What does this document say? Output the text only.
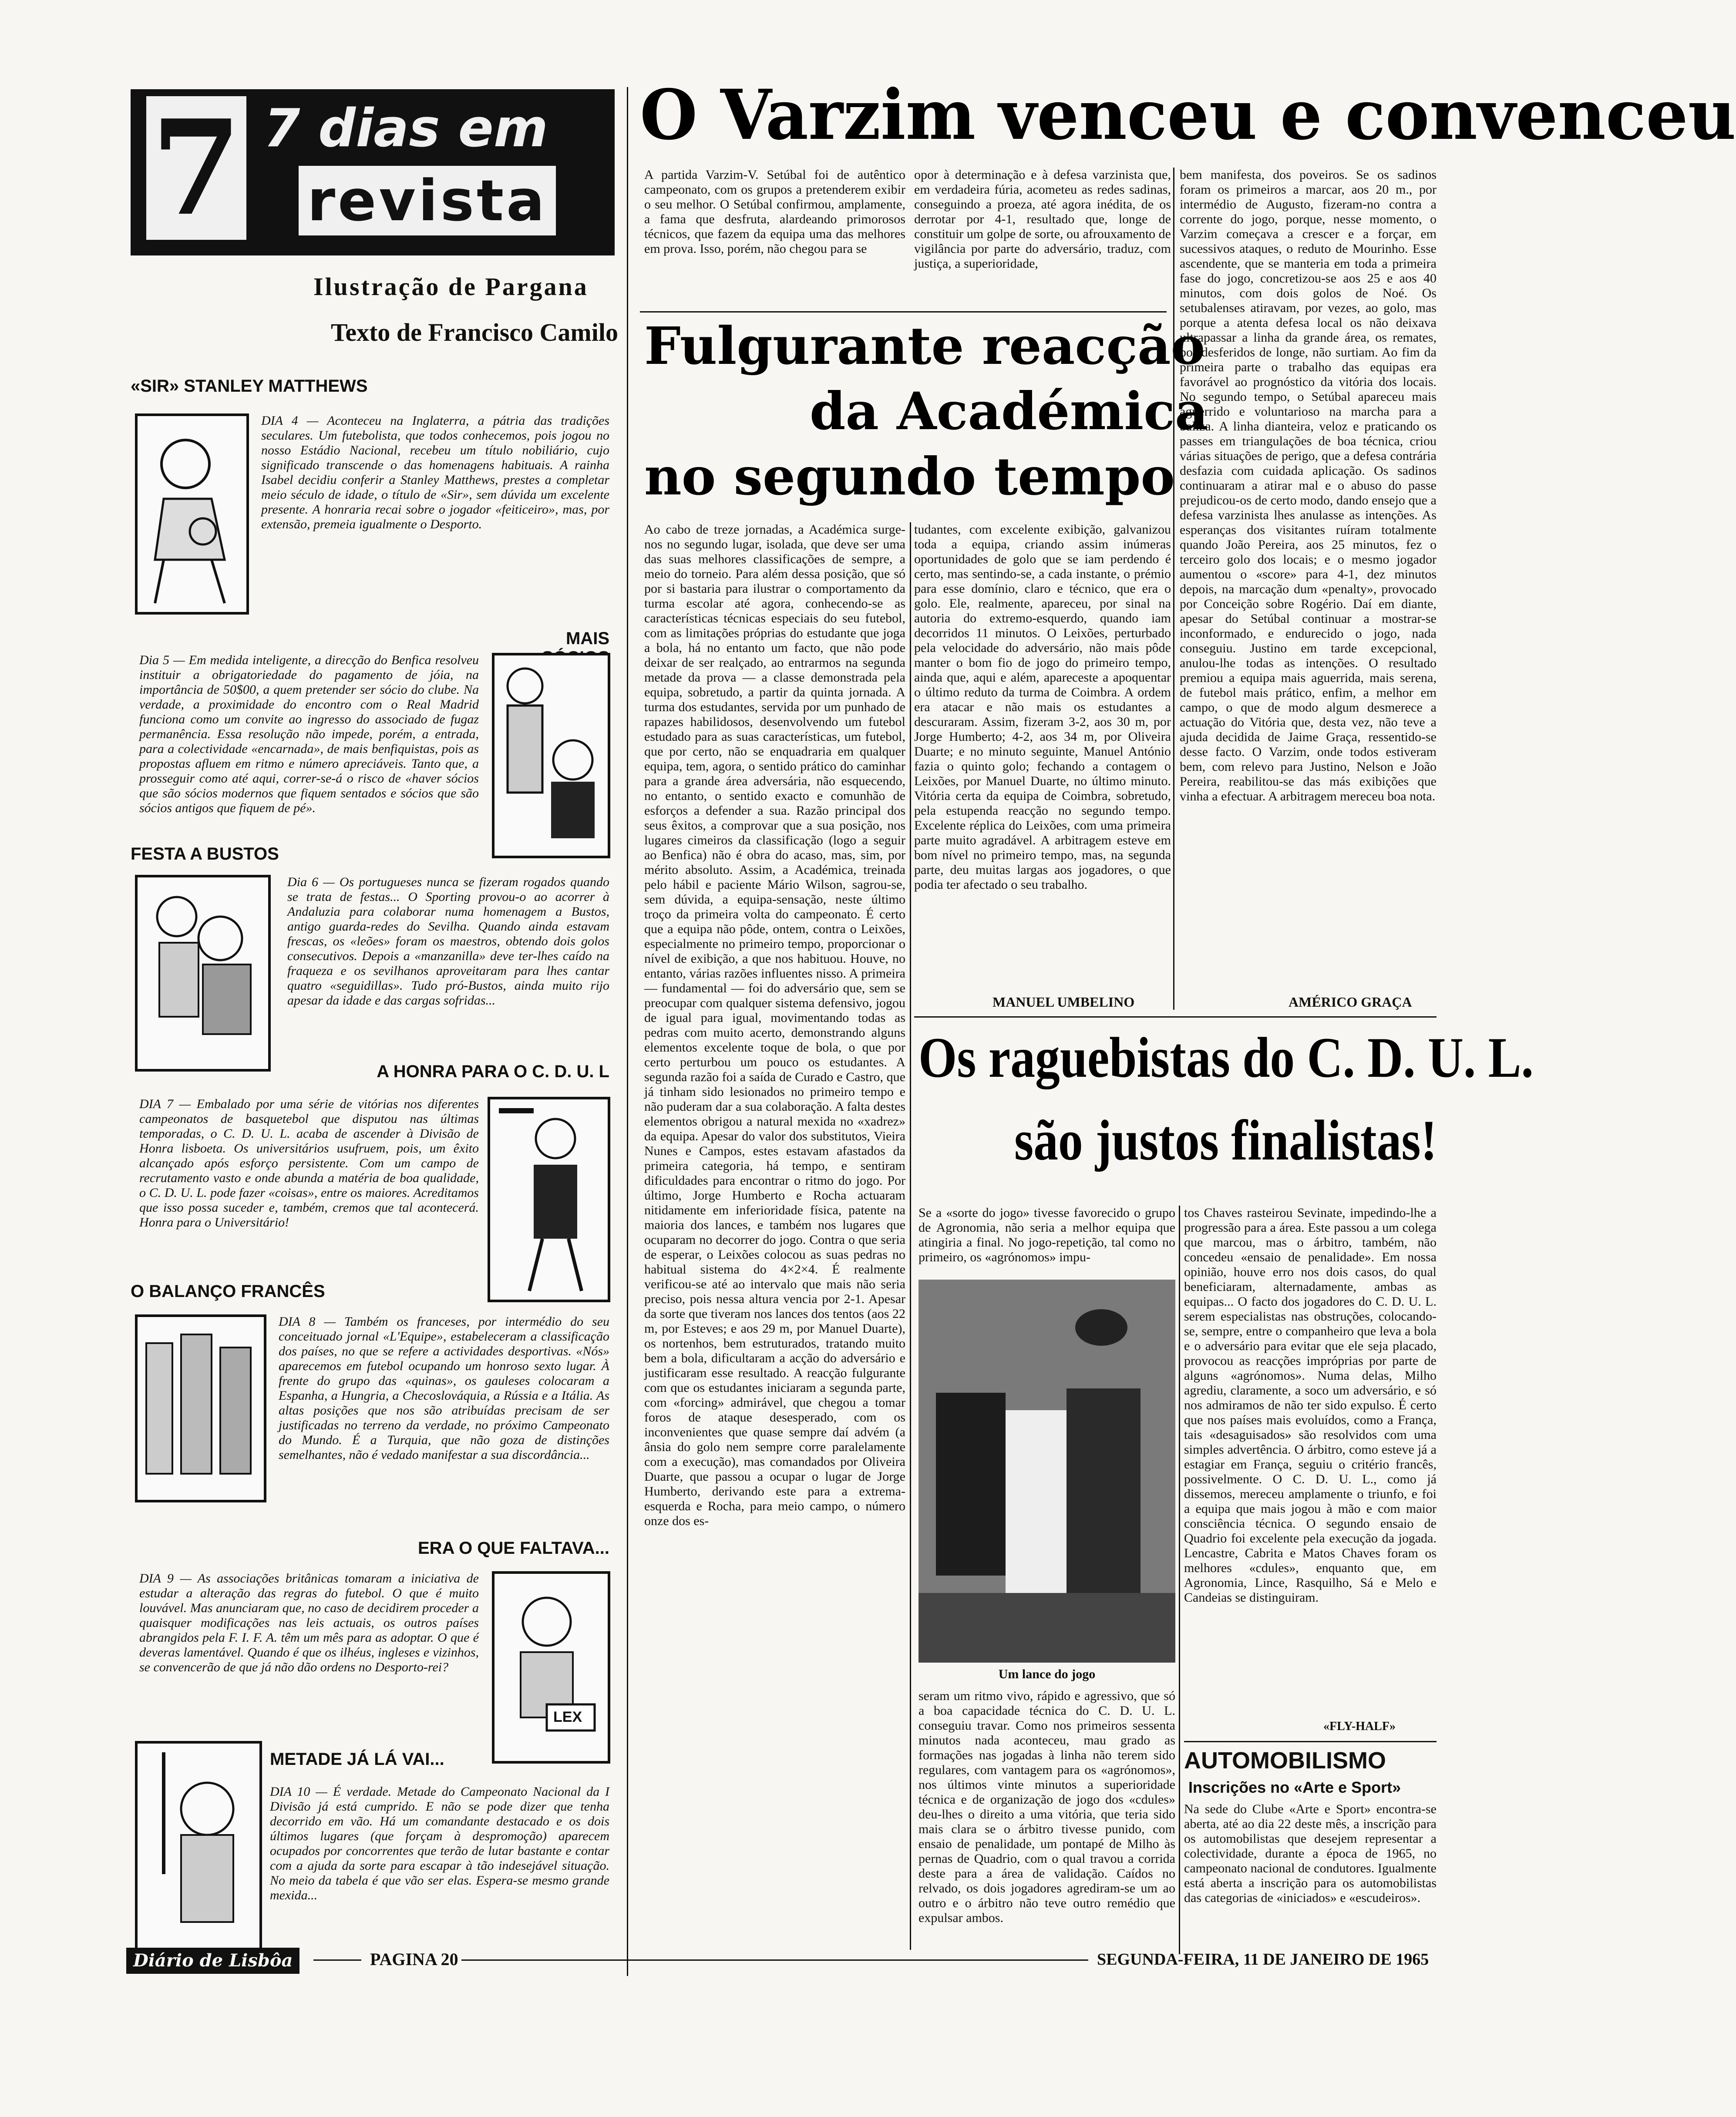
7 7 dias em
revista
Ilustração de Pargana
Texto de Francisco Camilo
«SIR» STANLEY MATTHEWS

DIA 4 — Aconteceu na Inglaterra, a pátria das tradições seculares. Um futebolista, que todos conhecemos, pois jogou no nosso Estádio Nacional, recebeu um título nobiliário, cujo significado transcende o das homenagens habituais. A rainha Isabel decidiu conferir a Stanley Matthews, prestes a completar meio século de idade, o título de «Sir», sem dúvida um excelente presente. A honraria recai sobre o jogador «feiticeiro», mas, por extensão, premeia igualmente o Desporto.

MAIS

Dia 5 — Em medida inteligente, a direcção do Benfica resolveu instituir a obrigatoriedade do pagamento de jóia, na importância de 50$00, a quem pretender ser sócio do clube. Na verdade, a proximidade do encontro com o Real Madrid funciona como um convite ao ingresso do associado de fugaz permanência. Essa resolução não impede, porém, a entrada, para a colectividade «encarnada», de mais benfiquistas, pois as propostas afluem em ritmo e número apreciáveis. Tanto que, a prosseguir como até aqui, correr-se-á o risco de «haver sócios que são sócios modernos que fiquem sentados e sócios que são sócios antigos que fiquem de pé».

FESTA A BUSTOS

Dia 6 — Os portugueses nunca se fizeram rogados quando se trata de festas... O Sporting provou-o ao acorrer à Andaluzia para colaborar numa homenagem a Bustos, antigo guarda-redes do Sevilha. Quando ainda estavam frescas, os «leões» foram os maestros, obtendo dois golos consecutivos. Depois a «manzanilla» deve ter-lhes caído na fraqueza e os sevilhanos aproveitaram para lhes cantar quatro «seguidillas». Tudo pró-Bustos, ainda muito rijo apesar da idade e das cargas sofridas...

A HONRA PARA O C. D. U. L

DIA 7 — Embalado por uma série de vitórias nos diferentes campeonatos de basquetebol que disputou nas últimas temporadas, o C. D. U. L. acaba de ascender à Divisão de Honra lisboeta. Os universitários usufruem, pois, um êxito alcançado após esforço persistente. Com um campo de recrutamento vasto e onde abunda a matéria de boa qualidade, o C. D. U. L. pode fazer «coisas», entre os maiores. Acreditamos que isso possa suceder e, também, cremos que tal acontecerá. Honra para o Universitário!

O BALANÇO FRANCÊS

DIA 8 — Também os franceses, por intermédio do seu conceituado jornal «L'Equipe», estabeleceram a classificação dos países, no que se refere a actividades desportivas. «Nós» aparecemos em futebol ocupando um honroso sexto lugar. À frente do grupo das «quinas», os gauleses colocaram a Espanha, a Hungria, a Checoslováquia, a Rússia e a Itália. As altas posições que nos são atribuídas precisam de ser justificadas no terreno da verdade, no próximo Campeonato do Mundo. É a Turquia, que não goza de distinções semelhantes, não é vedado manifestar a sua discordância...

ERA O QUE FALTAVA...
LEX

DIA 9 — As associações britânicas tomaram a iniciativa de estudar a alteração das regras do futebol. O que é muito louvável. Mas anunciaram que, no caso de decidirem proceder a quaisquer modificações nas leis actuais, os outros países abrangidos pela F. I. F. A. têm um mês para as adoptar. O que é deveras lamentável. Quando é que os ilhéus, ingleses e vizinhos, se convencerão de que já não dão ordens no Desporto-rei?

METADE JÁ LÁ VAI...

DIA 10 — É verdade. Metade do Campeonato Nacional da I Divisão já está cumprido. E não se pode dizer que tenha decorrido em vão. Há um comandante destacado e os dois últimos lugares (que forçam à despromoção) aparecem ocupados por concorrentes que terão de lutar bastante e contar com a ajuda da sorte para escapar à tão indesejável situação. No meio da tabela é que vão ser elas. Espera-se mesmo grande mexida...

O Varzim venceu e convenceu

A partida Varzim-V. Setúbal foi de autêntico campeonato, com os grupos a pretenderem exibir o seu melhor. O Setúbal confirmou, amplamente, a fama que desfruta, alardeando primorosos técnicos, que fazem da equipa uma das melhores em prova. Isso, porém, não chegou para se

opor à determinação e à defesa varzinista que, em verdadeira fúria, acometeu as redes sadinas, conseguindo a proeza, até agora inédita, de os derrotar por 4-1, resultado que, longe de constituir um golpe de sorte, ou afrouxamento de vigilância por parte do adversário, traduz, com justiça, a superioridade,

bem manifesta, dos poveiros. Se os sadinos foram os primeiros a marcar, aos 20 m., por intermédio de Augusto, fizeram-no contra a corrente do jogo, porque, nesse momento, o Varzim começava a crescer e a forçar, em sucessivos ataques, o reduto de Mourinho. Esse ascendente, que se manteria em toda a primeira fase do jogo, concretizou-se aos 25 e aos 40 minutos, com dois golos de Noé. Os setubalenses atiravam, por vezes, ao golo, mas porque a atenta defesa local os não deixava ultrapassar a linha da grande área, os remates, por desferidos de longe, não surtiam. Ao fim da primeira parte o trabalho das equipas era favorável ao prognóstico da vitória dos locais. No segundo tempo, o Setúbal apareceu mais aguerrido e voluntarioso na marcha para a baliza. A linha dianteira, veloz e praticando os passes em triangulações de boa técnica, criou várias situações de perigo, que a defesa contrária desfazia com cuidada aplicação. Os sadinos continuaram a atirar mal e o abuso do passe prejudicou-os de certo modo, dando ensejo que a defesa varzinista lhes anulasse as intenções. As esperanças dos visitantes ruíram totalmente quando João Pereira, aos 25 minutos, fez o terceiro golo dos locais; e o mesmo jogador aumentou o «score» para 4-1, dez minutos depois, na marcação dum «penalty», provocado por Conceição sobre Rogério. Daí em diante, apesar do Setúbal continuar a mostrar-se inconformado, e endurecido o jogo, nada conseguiu. Justino em tarde excepcional, anulou-lhe todas as intenções. O resultado premiou a equipa mais aguerrida, mais serena, de futebol mais prático, enfim, a melhor em campo, o que de modo algum desmerece a actuação do Vitória que, desta vez, não teve a ajuda decidida de Jaime Graça, ressentido-se desse facto. O Varzim, onde todos estiveram bem, com relevo para Justino, Nelson e João Pereira, reabilitou-se das más exibições que vinha a efectuar. A arbitragem mereceu boa nota.

AMÉRICO GRAÇA
Fulgurante reacção
da Académica
no segundo tempo

Ao cabo de treze jornadas, a Académica surge-nos no segundo lugar, isolada, que deve ser uma das suas melhores classificações de sempre, a meio do torneio. Para além dessa posição, que só por si bastaria para ilustrar o comportamento da turma escolar até agora, conhecendo-se as características técnicas especiais do seu futebol, com as limitações próprias do estudante que joga a bola, há no entanto um facto, que não pode deixar de ser realçado, ao entrarmos na segunda metade da prova — a classe demonstrada pela equipa, sobretudo, a partir da quinta jornada. A turma dos estudantes, servida por um punhado de rapazes habilidosos, desenvolvendo um futebol estudado para as suas características, um futebol, que por certo, não se enquadraria em qualquer equipa, tem, agora, o sentido prático do caminhar para a grande área adversária, não esquecendo, no entanto, o sentido exacto e comunhão de esforços a defender a sua. Razão principal dos seus êxitos, a comprovar que a sua posição, nos lugares cimeiros da classificação (logo a seguir ao Benfica) não é obra do acaso, mas, sim, por mérito absoluto. Assim, a Académica, treinada pelo hábil e paciente Mário Wilson, sagrou-se, sem dúvida, a equipa-sensação, neste último troço da primeira volta do campeonato. É certo que a equipa não pôde, ontem, contra o Leixões, especialmente no primeiro tempo, proporcionar o nível de exibição, a que nos habituou. Houve, no entanto, várias razões influentes nisso. A primeira — fundamental — foi do adversário que, sem se preocupar com qualquer sistema defensivo, jogou de igual para igual, movimentando todas as pedras com muito acerto, demonstrando alguns elementos excelente toque de bola, o que por certo perturbou um pouco os estudantes. A segunda razão foi a saída de Curado e Castro, que já tinham sido lesionados no primeiro tempo e não puderam dar a sua colaboração. A falta destes elementos obrigou a natural mexida no «xadrez» da equipa. Apesar do valor dos substitutos, Vieira Nunes e Campos, estes estavam afastados da primeira categoria, há tempo, e sentiram dificuldades para encontrar o ritmo do jogo. Por último, Jorge Humberto e Rocha actuaram nitidamente em inferioridade física, patente na maioria dos lances, e também nos lugares que ocuparam no decorrer do jogo. Contra o que seria de esperar, o Leixões colocou as suas pedras no habitual sistema do 4×2×4. É realmente verificou-se até ao intervalo que mais não seria preciso, pois nessa altura vencia por 2-1. Apesar da sorte que tiveram nos lances dos tentos (aos 22 m, por Esteves; e aos 29 m, por Manuel Duarte), os nortenhos, bem estruturados, tratando muito bem a bola, dificultaram a acção do adversário e justificaram esse resultado. A reacção fulgurante com que os estudantes iniciaram a segunda parte, com «forcing» admirável, que chegou a tomar foros de ataque desesperado, com os inconvenientes que quase sempre daí advém (a ânsia do golo nem sempre corre paralelamente com a execução), mas comandados por Oliveira Duarte, que passou a ocupar o lugar de Jorge Humberto, derivando este para a extrema-esquerda e Rocha, para meio campo, o número onze dos es-

tudantes, com excelente exibição, galvanizou toda a equipa, criando assim inúmeras oportunidades de golo que se iam perdendo é certo, mas sentindo-se, a cada instante, o prémio para esse domínio, claro e técnico, que era o golo. Ele, realmente, apareceu, por sinal na autoria do extremo-esquerdo, quando iam decorridos 11 minutos. O Leixões, perturbado pela velocidade do adversário, não mais pôde manter o bom fio de jogo do primeiro tempo, ainda que, aqui e além, apareceste a apoquentar o último reduto da turma de Coimbra. A ordem era atacar e não mais os estudantes a descuraram. Assim, fizeram 3-2, aos 30 m, por Jorge Humberto; 4-2, aos 34 m, por Oliveira Duarte; e no minuto seguinte, Manuel António fazia o quinto golo; fechando a contagem o Leixões, por Manuel Duarte, no último minuto. Vitória certa da equipa de Coimbra, sobretudo, pela estupenda reacção no segundo tempo. Excelente réplica do Leixões, com uma primeira parte muito agradável. A arbitragem esteve em bom nível no primeiro tempo, mas, na segunda parte, deu muitas largas aos jogadores, o que podia ter afectado o seu trabalho.

MANUEL UMBELINO
Os raguebistas do C. D. U. L.
são justos finalistas!

Se a «sorte do jogo» tivesse favorecido o grupo de Agronomia, não seria a melhor equipa que atingiria a final. No jogo-repetição, tal como no primeiro, os «agrónomos» impu-

Um lance do jogo

seram um ritmo vivo, rápido e agressivo, que só a boa capacidade técnica do C. D. U. L. conseguiu travar. Como nos primeiros sessenta minutos nada aconteceu, mau grado as formações nas jogadas à linha não terem sido regulares, com vantagem para os «agrónomos», nos últimos vinte minutos a superioridade técnica e de organização de jogo dos «cdules» deu-lhes o direito a uma vitória, que teria sido mais clara se o árbitro tivesse punido, com ensaio de penalidade, um pontapé de Milho às pernas de Quadrio, com o qual travou a corrida deste para a área de validação. Caídos no relvado, os dois jogadores agrediram-se um ao outro e o árbitro não teve outro remédio que expulsar ambos.

tos Chaves rasteirou Sevinate, impedindo-lhe a progressão para a área. Este passou a um colega que marcou, mas o árbitro, também, não concedeu «ensaio de penalidade». Em nossa opinião, houve erro nos dois casos, do qual beneficiaram, alternadamente, ambas as equipas... O facto dos jogadores do C. D. U. L. serem especialistas nas obstruções, colocando-se, sempre, entre o companheiro que leva a bola e o adversário para evitar que ele seja placado, provocou as reacções impróprias por parte de alguns «agrónomos». Numa delas, Milho agrediu, claramente, a soco um adversário, e só nos admiramos de não ter sido expulso. É certo que nos países mais evoluídos, como a França, tais «desaguisados» são resolvidos com uma simples advertência. O árbitro, como esteve já a estagiar em França, seguiu o critério francês, possivelmente. O C. D. U. L., como já dissemos, mereceu amplamente o triunfo, e foi a equipa que mais jogou à mão e com maior consciência técnica. O segundo ensaio de Quadrio foi excelente pela execução da jogada. Lencastre, Cabrita e Matos Chaves foram os melhores «cdules», enquanto que, em Agronomia, Lince, Rasquilho, Sá e Melo e Candeias se distinguiram.

«FLY-HALF»
AUTOMOBILISMO
Inscrições no «Arte e Sport»

Na sede do Clube «Arte e Sport» encontra-se aberta, até ao dia 22 deste mês, a inscrição para os automobilistas que desejem representar a colectividade, durante a época de 1965, no campeonato nacional de condutores. Igualmente está aberta a inscrição para os automobilistas das categorias de «iniciados» e «escudeiros».

Diário de Lisbôa	PAGINA 20	SEGUNDA-FEIRA, 11 DE JANEIRO DE 1965
